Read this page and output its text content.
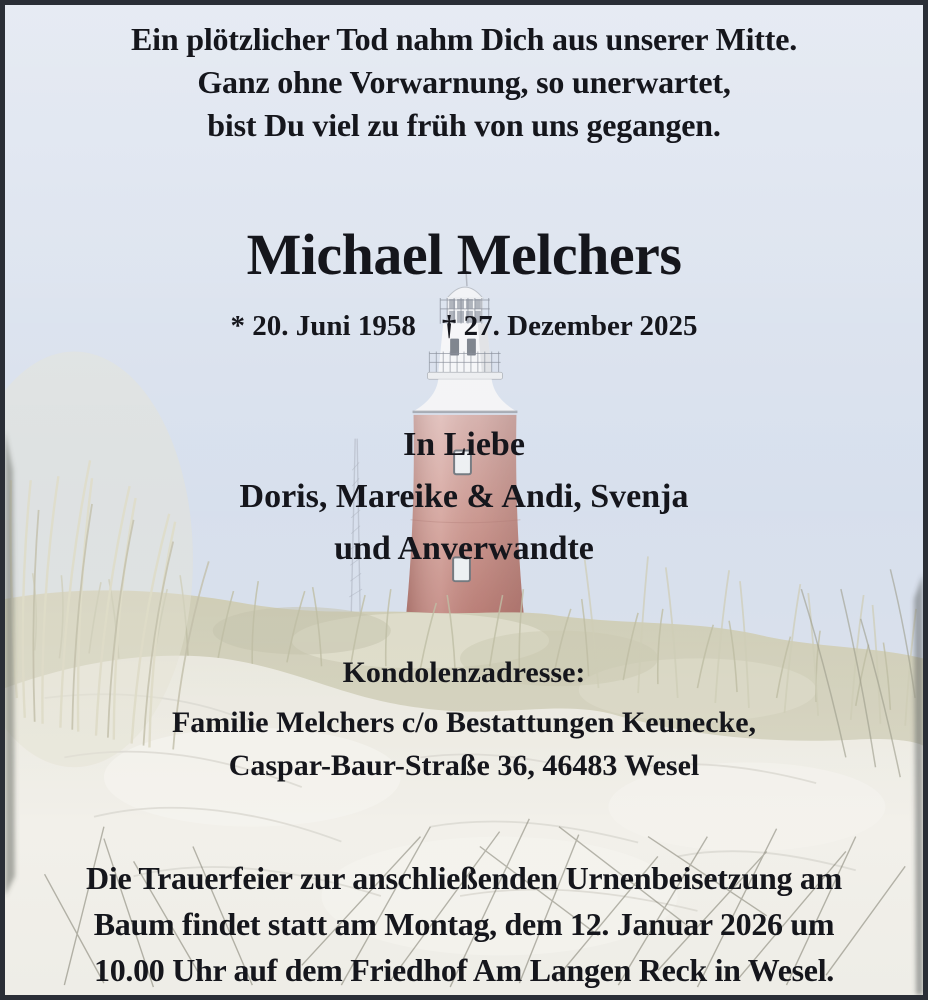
Ein plötzlicher Tod nahm Dich aus unserer Mitte.
Ganz ohne Vorwarnung, so unerwartet,
bist Du viel zu früh von uns gegangen.
Michael Melchers
* 20. Juni 1958 † 27. Dezember 2025
In Liebe
Doris, Mareike & Andi, Svenja
und Anverwandte
Kondolenzadresse:
Familie Melchers c/o Bestattungen Keunecke,
Caspar-Baur-Straße 36, 46483 Wesel
Die Trauerfeier zur anschließenden Urnenbeisetzung am
Baum findet statt am Montag, dem 12. Januar 2026 um
10.00 Uhr auf dem Friedhof Am Langen Reck in Wesel.
